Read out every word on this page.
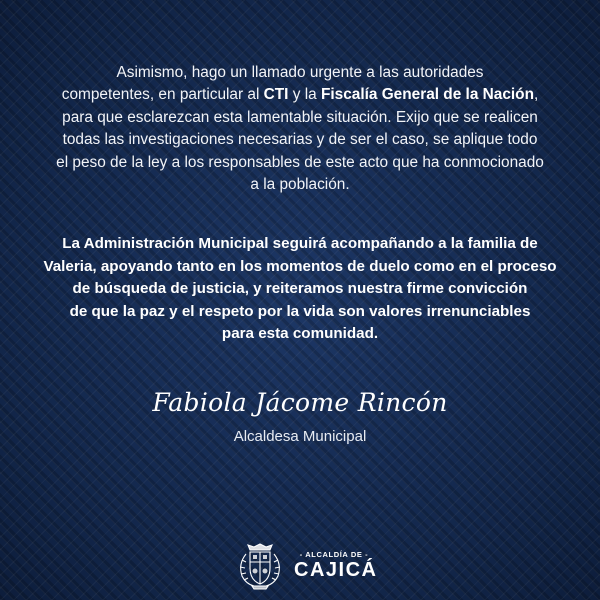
Asimismo, hago un llamado urgente a las autoridades
competentes, en particular al CTI y la Fiscalía General de la Nación,
para que esclarezcan esta lamentable situación. Exijo que se realicen
todas las investigaciones necesarias y de ser el caso, se aplique todo
el peso de la ley a los responsables de este acto que ha conmocionado
a la población.
La Administración Municipal seguirá acompañando a la familia de
Valeria, apoyando tanto en los momentos de duelo como en el proceso
de búsqueda de justicia, y reiteramos nuestra firme convicción
de que la paz y el respeto por la vida son valores irrenunciables
para esta comunidad.
Fabiola Jácome Rincón
Alcaldesa Municipal
- ALCALDÍA DE -
CAJICÁ
